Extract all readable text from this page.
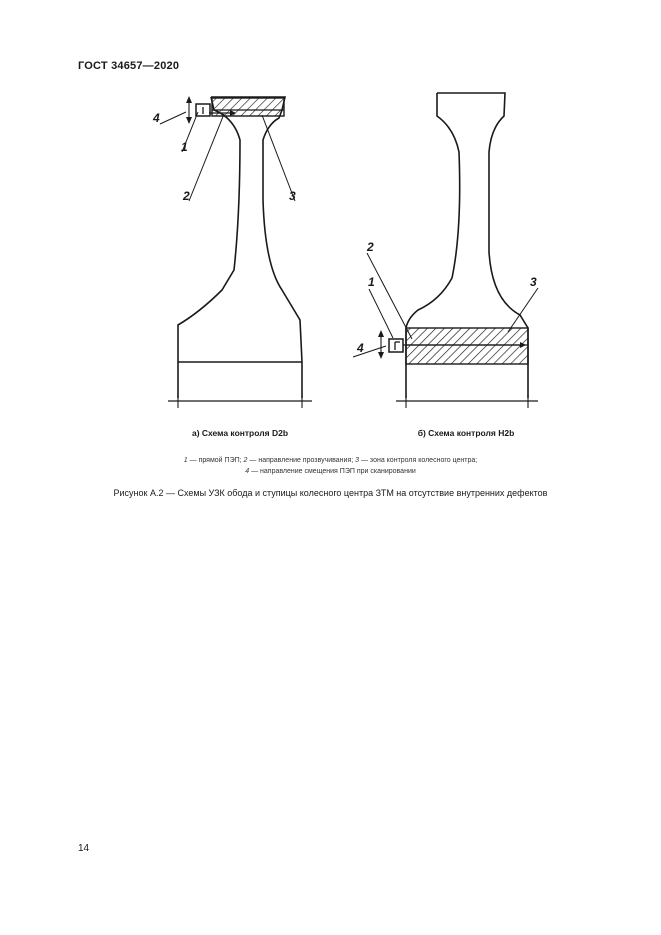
ГОСТ 34657—2020
4
1
2	3
a) Схема контроля D2b
4
1
2
3
б) Схема контроля H2b
1 — прямой ПЭП; 2 — направление прозвучивания; 3 — зона контроля колесного центра;
4 — направление смещения ПЭП при сканировании
Рисунок А.2 — Схемы УЗК обода и ступицы колесного центра ЗТМ на отсутствие внутренних дефектов
14
